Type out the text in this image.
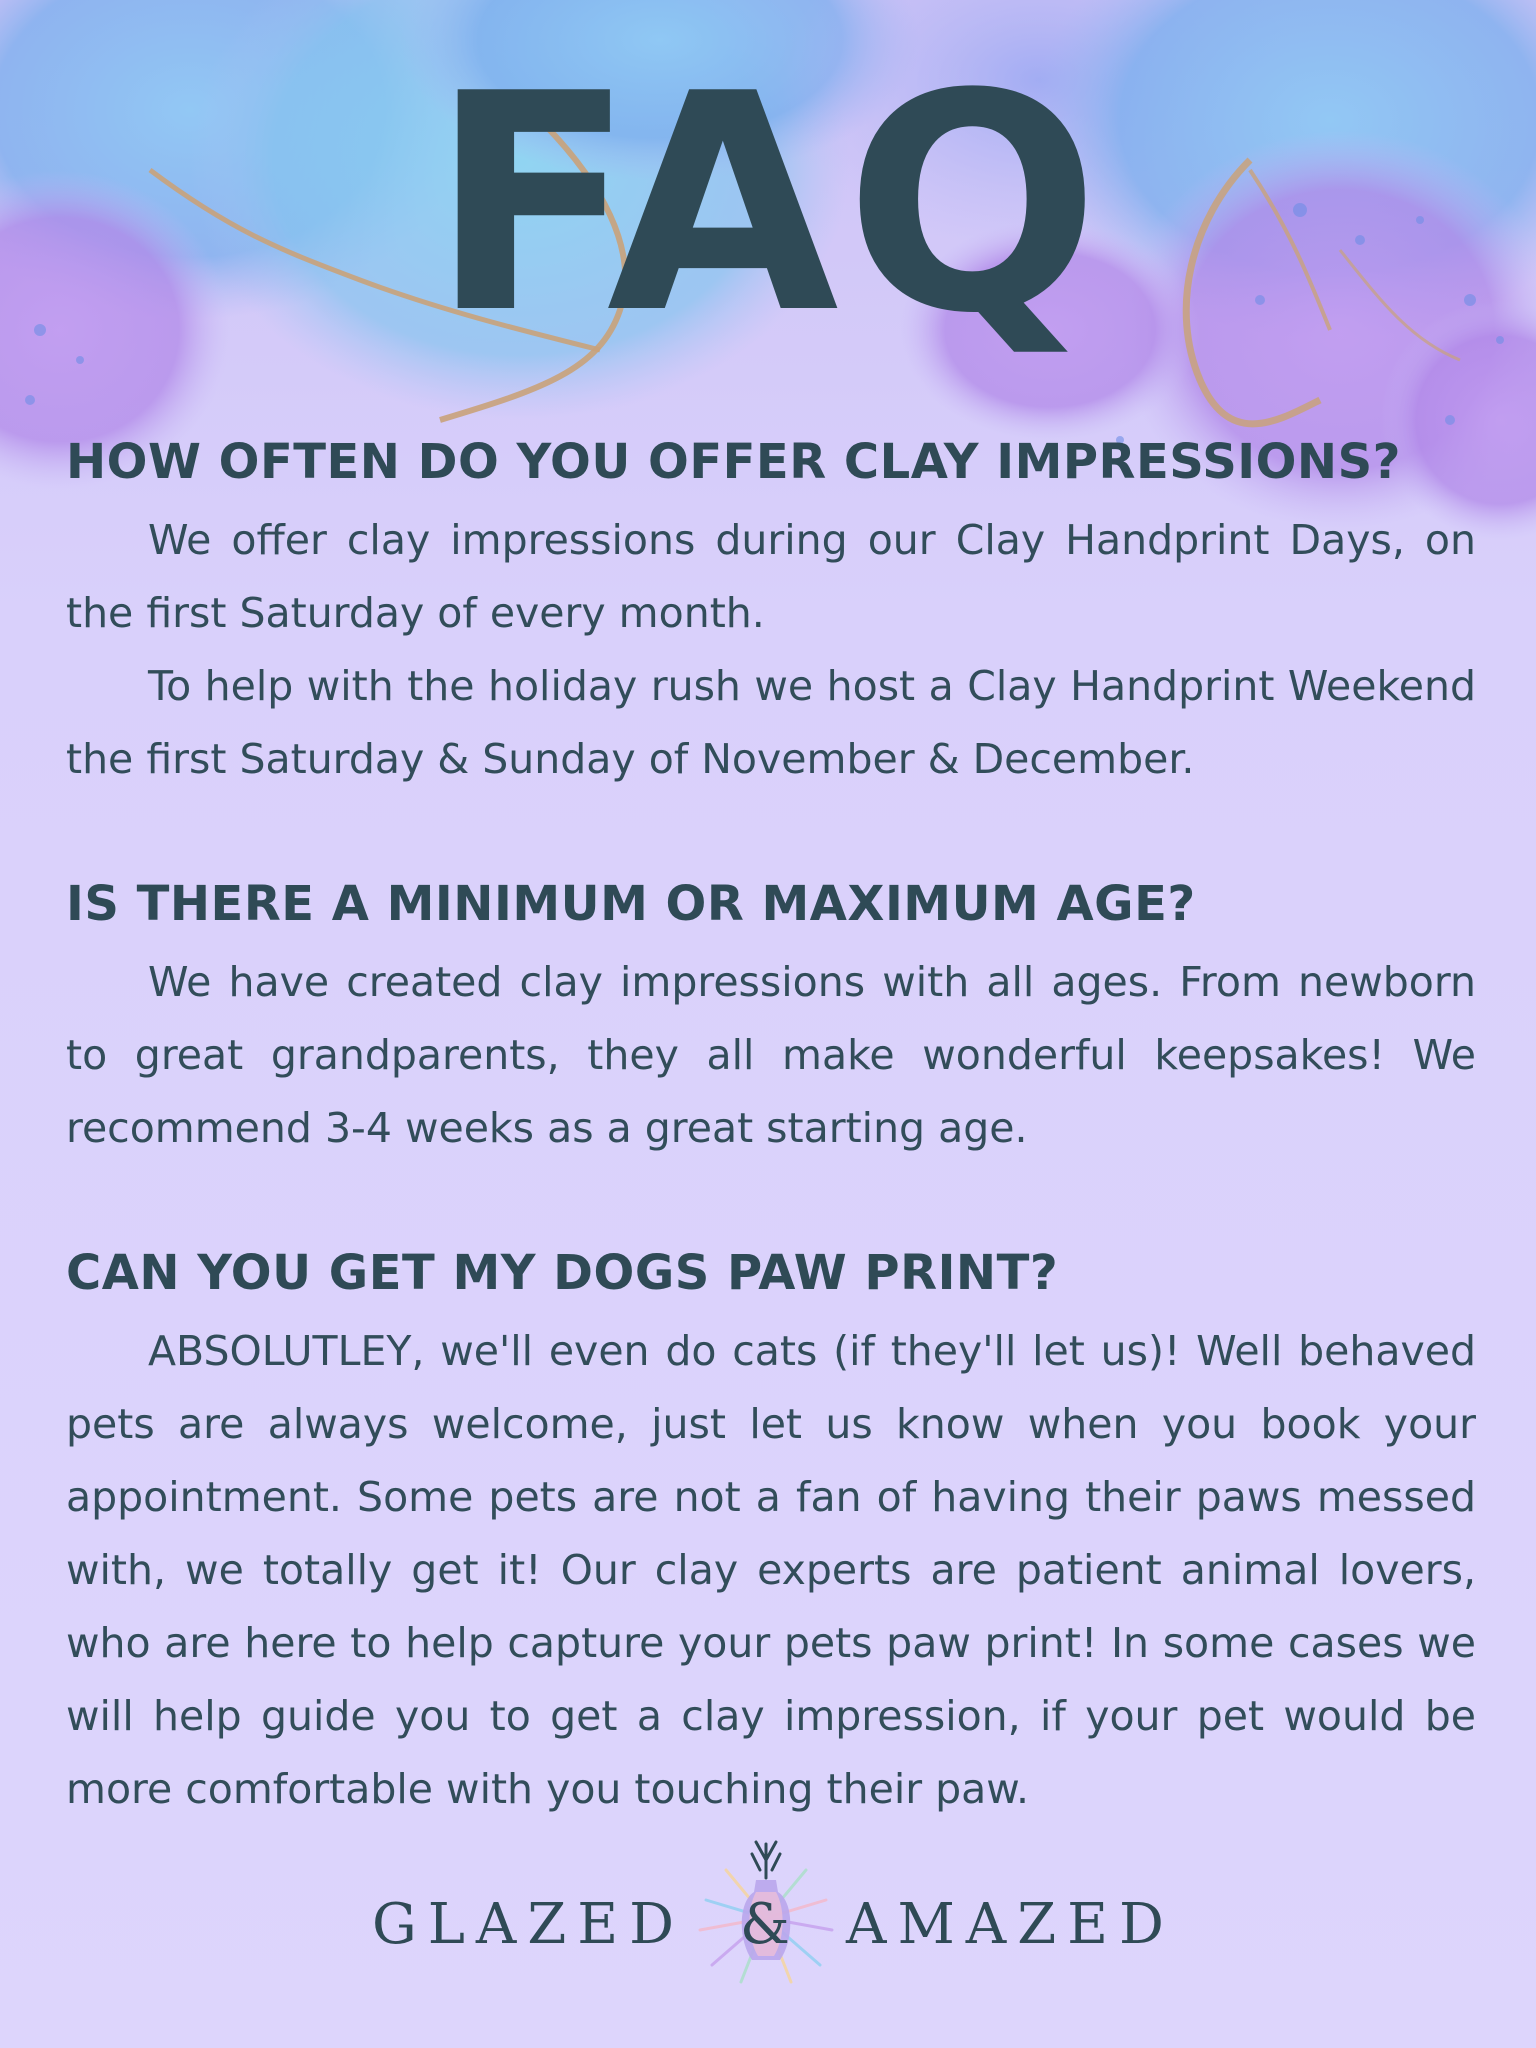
FAQ
HOW OFTEN DO YOU OFFER CLAY IMPRESSIONS?

We offer clay impressions during our Clay Handprint Days, on the first Saturday of every month.

To help with the holiday rush we host a Clay Handprint Weekend the first Saturday & Sunday of November & December.

IS THERE A MINIMUM OR MAXIMUM AGE?

We have created clay impressions with all ages. From newborn to great grandparents, they all make wonderful keepsakes! We recommend 3-4 weeks as a great starting age.

CAN YOU GET MY DOGS PAW PRINT?

ABSOLUTLEY, we'll even do cats (if they'll let us)! Well behaved pets are always welcome, just let us know when you book your appointment. Some pets are not a fan of having their paws messed with, we totally get it! Our clay experts are patient animal lovers, who are here to help capture your pets paw print! In some cases we will help guide you to get a clay impression, if your pet would be more comfortable with you touching their paw.

GLAZED & AMAZED
